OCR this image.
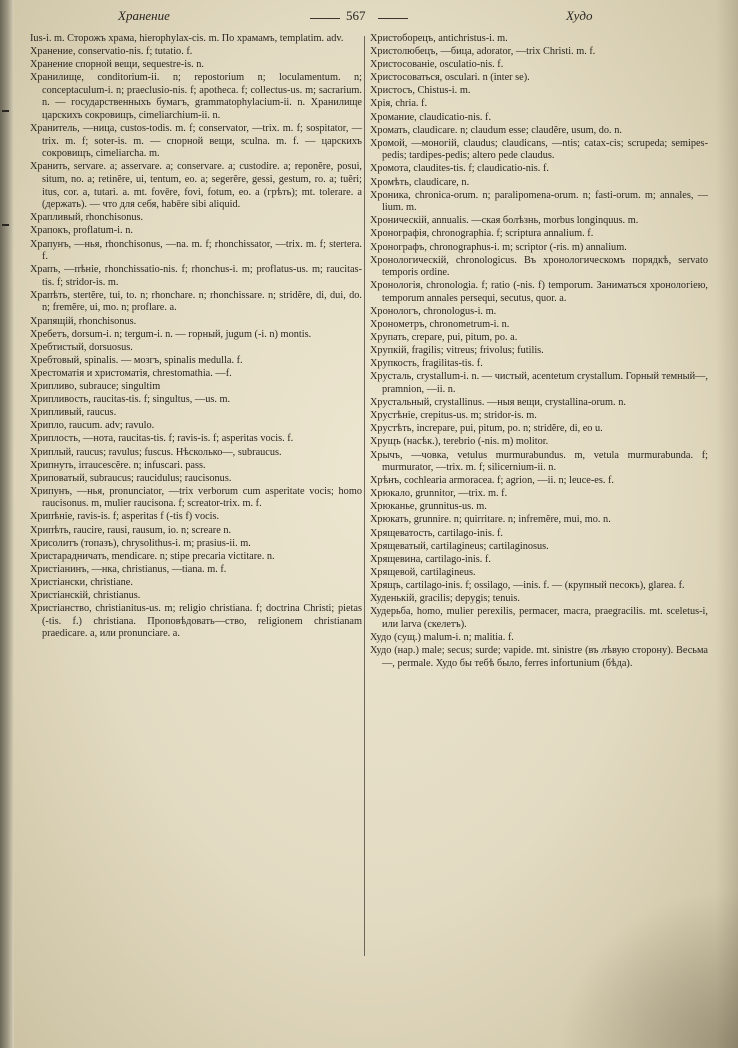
Хранение	567	Худо
Ius-i. m. Сторожъ храма, hierophylax-cis. m. По храмамъ, templatim. adv.
Хранение, conservatio-nis. f; tutatio. f.
Хранение спорной вещи, sequestre-is. n.
Хранилище, conditorium-ii. n; repostorium n; loculamentum. n; conceptaculum-i. n; praeclusio-nis. f; apotheca. f; collectus-us. m; sacrarium. n. — государственныхъ бумагъ, grammatophylacium-ii. n. Хранилище царскихъ сокровищъ, cimeliarchium-ii. n.
Хранитель, —ница, custos-todis. m. f; conservator, —trix. m. f; sospitator, —trix. m. f; soter-is. m. — спорной вещи, sculna. m. f. — царскихъ сокровищъ, cimeliarcha. m.
Хранить, servare. a; asservare. a; conservare. a; custodire. a; reponĕre, posui, situm, no. a; retinĕre, ui, tentum, eo. a; segerĕre, gessi, gestum, ro. a; tuĕri; itus, cor. a, tutari. a. mt. fovēre, fovi, fotum, eo. a (грѣть); mt. tolerare. a (держать). — что для себя, habēre sibi aliquid.
Храпливый, rhonchisonus.
Храпокъ, proflatum-i. n.
Храпунъ, —нья, rhonchisonus, —na. m. f; rhonchissator, —trix. m. f; stertera. f.
Храпъ, —пѣніе, rhonchissatio-nis. f; rhonchus-i. m; proflatus-us. m; raucitas-tis. f; stridor-is. m.
Храпѣть, stertĕre, tui, to. n; rhonchare. n; rhonchissare. n; stridĕre, di, dui, do. n; fremĕre, ui, mo. n; proflare. a.
Храпящій, rhonchisonus.
Хребетъ, dorsum-i. n; tergum-i. n. — горный, jugum (-i. n) montis.
Хребтистый, dorsuosus.
Хребтовый, spinalis. — мозгъ, spinalis medulla. f.
Хрестоматія и христоматія, chrestomathia. —f.
Хрипливо, subrauce; singultim
Хрипливость, raucitas-tis. f; singultus, —us. m.
Хрипливый, raucus.
Хрипло, raucum. adv; ravulo.
Хриплость, —нота, raucitas-tis. f; ravis-is. f; asperitas vocis. f.
Хриплый, raucus; ravulus; fuscus. Нѣсколько—, subraucus.
Хрипнуть, irraucescĕre. n; infuscari. pass.
Хриповатый, subraucus; raucidulus; raucisonus.
Хрипунъ, —нья, pronunciator, —trix verborum cum asperitate vocis; homo raucisonus. m, mulier raucisona. f; screator-trix. m. f.
Хрипѣніе, ravis-is. f; asperitas f (-tis f) vocis.
Хрипѣть, raucire, rausi, rausum, io. n; screare n.
Хрисолитъ (топазъ), chrysolithus-i. m; prasius-ii. m.
Христарадничать, mendicare. n; stipe precaria victitare. n.
Христіанинъ, —нка, christianus, —tiana. m. f.
Христіански, christiane.
Христіанскій, christianus.
Христіанство, christianitus-us. m; religio christiana. f; doctrina Christi; pietas (-tis. f.) christiana. Проповѣдовать—ство, religionem christianam praedicare. a, или pronunciare. a.
Христоборецъ, antichristus-i. m.
Христолюбецъ, —бица, adorator, —trix Christi. m. f.
Христосованіе, osculatio-nis. f.
Христосоваться, osculari. n (inter se).
Христосъ, Chistus-i. m.
Хрія, chria. f.
Хромание, claudicatio-nis. f.
Хромать, claudicare. n; claudum esse; claudĕre, usum, do. n.
Хромой, —моногій, claudus; claudicans, —ntis; catax-cis; scrupeda; semipes-pedis; tardipes-pedis; altero pede claudus.
Хромота, claudites-tis. f; claudicatio-nis. f.
Хромѣть, claudicare, n.
Хроника, chronica-orum. n; paralipomena-orum. n; fasti-orum. m; annales, —lium. m.
Хроническій, annualis. —ская болѣзнь, morbus longinquus. m.
Хронографія, chronographia. f; scriptura annalium. f.
Хронографъ, chronographus-i. m; scriptor (-ris. m) annalium.
Хронологическій, chronologicus. Въ хронологическомъ порядкѣ, servato temporis ordine.
Хронологія, chronologia. f; ratio (-nis. f) temporum. Заниматься хронологіею, temporum annales persequi, secutus, quor. a.
Хронологъ, chronologus-i. m.
Хронометръ, chronometrum-i. n.
Хрупать, crepare, pui, pitum, po. a.
Хрупкій, fragilis; vitreus; frivolus; futilis.
Хрупкость, fragilitas-tis. f.
Хрусталь, crystallum-i. n. — чистый, acentetum crystallum. Горный темный—, pramnion, —ii. n.
Хрустальный, crystallinus. —ныя вещи, crystallina-orum. n.
Хрустѣніе, crepitus-us. m; stridor-is. m.
Хрустѣть, increpare, pui, pitum, po. n; stridĕre, di, eo u.
Хрущъ (насѣк.), terebrio (-nis. m) molitor.
Хрычъ, —човка, vetulus murmurabundus. m, vetula murmurabunda. f; murmurator, —trix. m. f; silicernium-ii. n.
Хрѣнъ, cochlearia armoracea. f; agrion, —ii. n; leuce-es. f.
Хрюкало, grunnitor, —trix. m. f.
Хрюканье, grunnitus-us. m.
Хрюкать, grunnire. n; quirritare. n; infremĕre, mui, mo. n.
Хрящеватость, cartilago-inis. f.
Хрящеватый, cartilagineus; cartilaginosus.
Хрящевина, cartilago-inis. f.
Хрящевой, cartilagineus.
Хрящъ, cartilago-inis. f; ossilago, —inis. f. — (крупный песокъ), glarea. f.
Худенькій, gracilis; depygis; tenuis.
Худерьба, homo, mulier perexilis, permacer, macra, praegracilis. mt. sceletus-i, или larva (скелетъ).
Худо (сущ.) malum-i. n; malitia. f.
Худо (нар.) male; secus; surde; vapide. mt. sinistre (въ лѣвую сторону). Весьма—, permale. Худо бы тебѣ было, ferres infortunium (бѣда).
